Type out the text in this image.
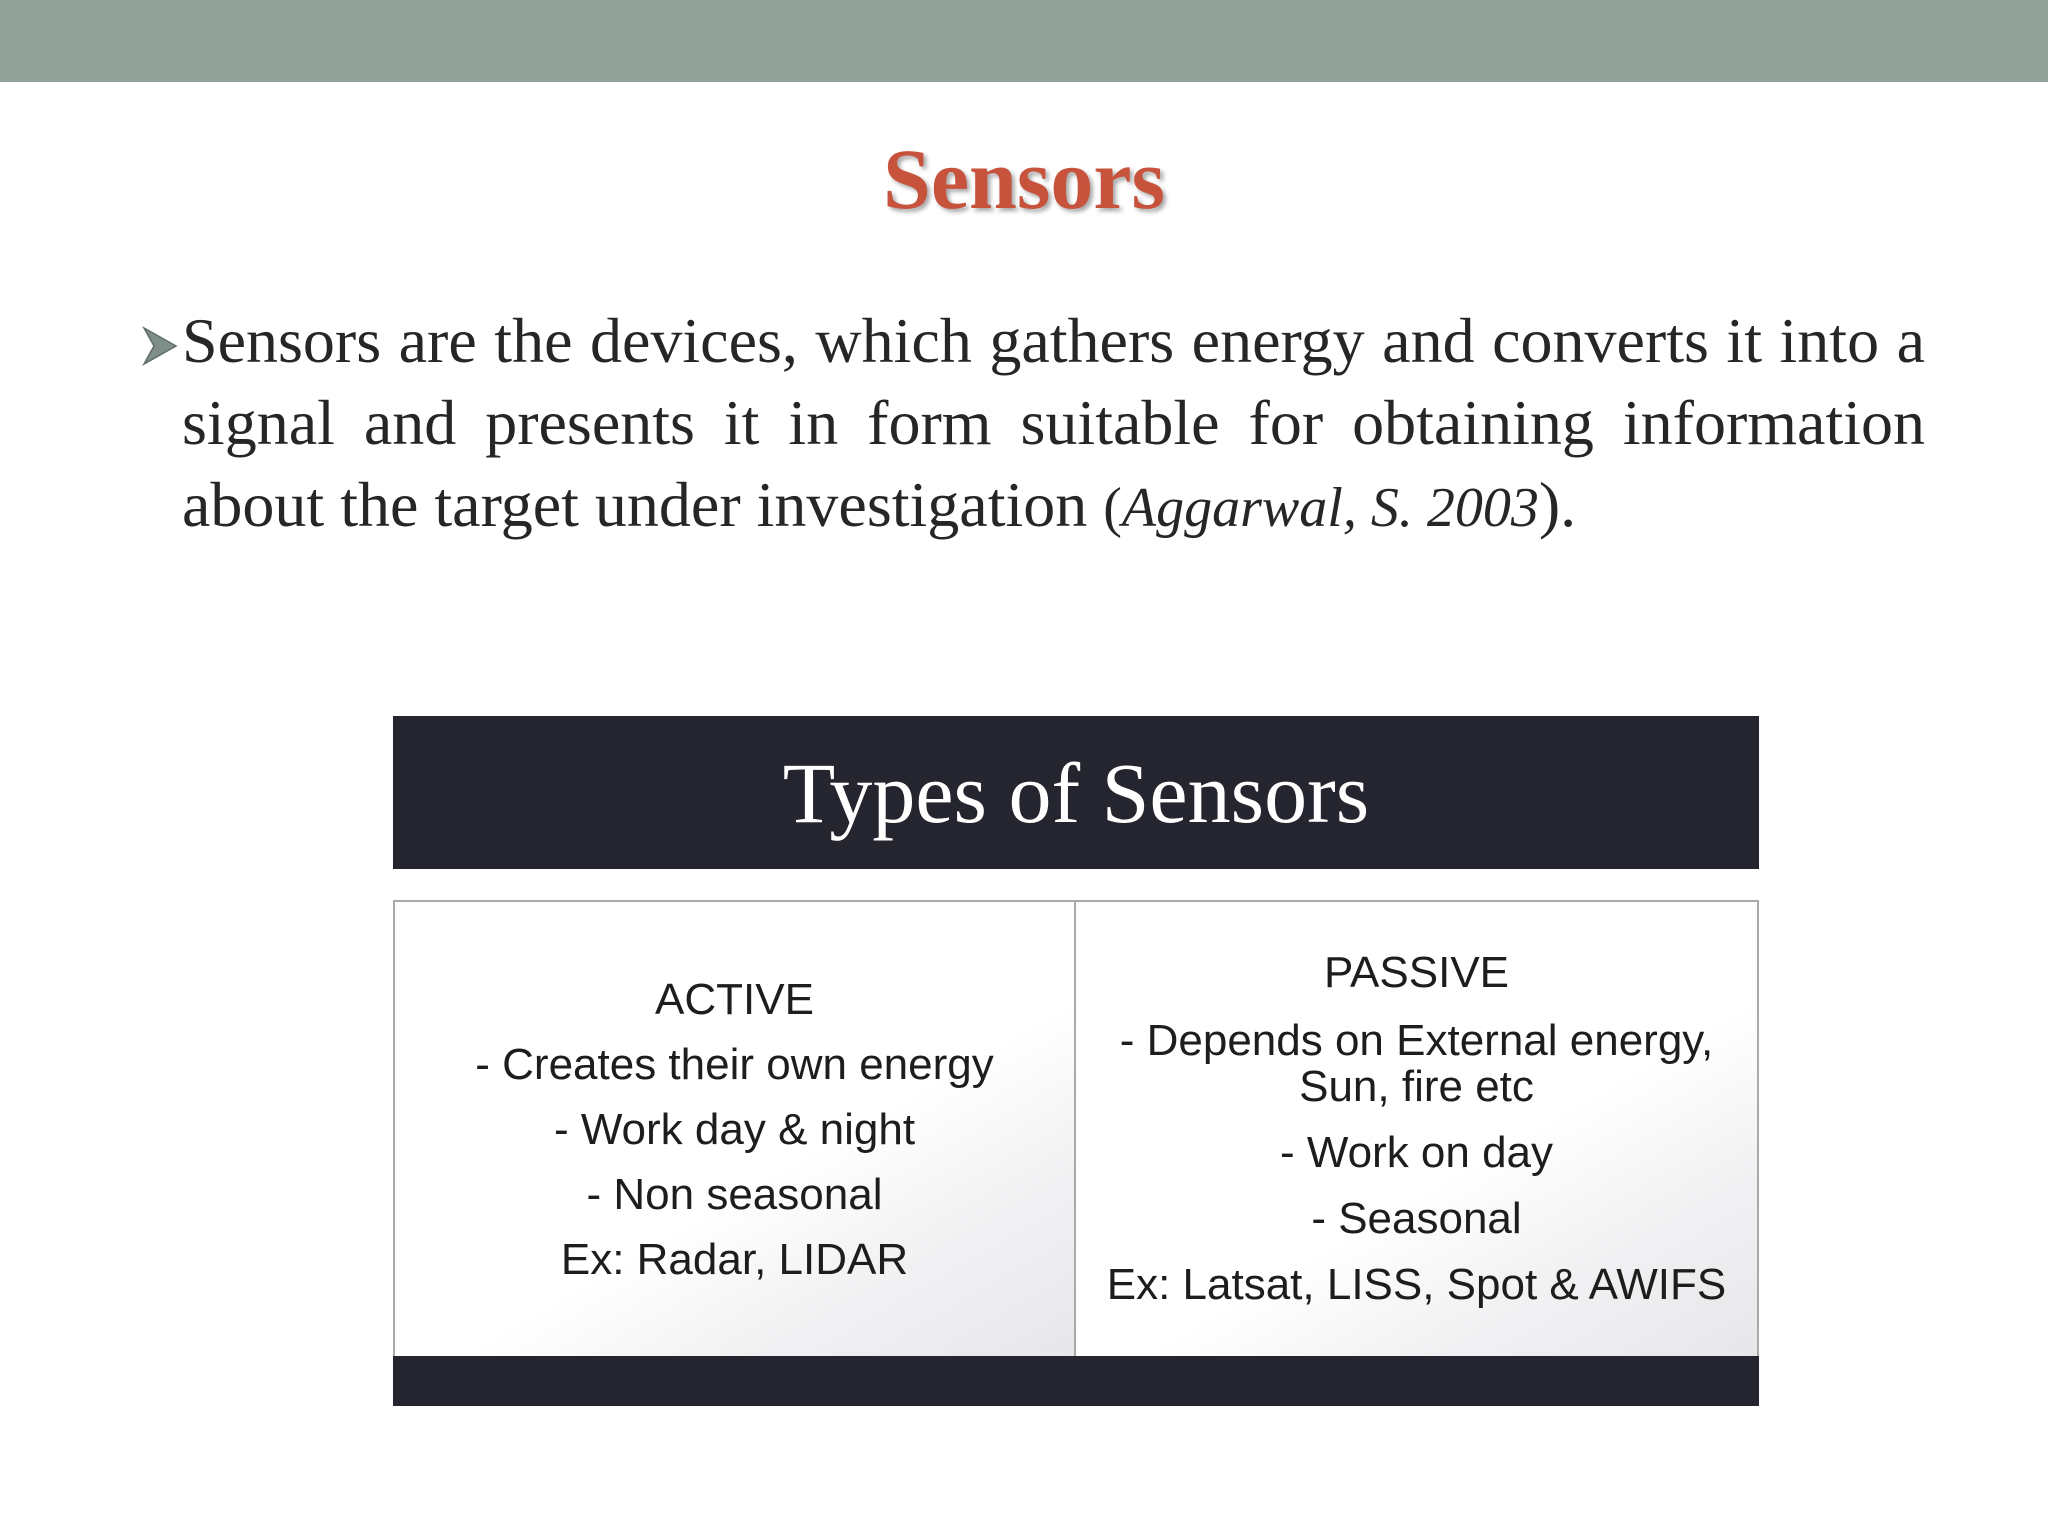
Sensors
Sensors are the devices, which gathers energy and converts it into a signal and presents it in form suitable for obtaining information about the target under investigation (Aggarwal, S. 2003).
Types of Sensors
ACTIVE
- Creates their own energy
- Work day & night
- Non seasonal
Ex: Radar, LIDAR
PASSIVE
- Depends on External energy, Sun, fire etc
- Work on day
- Seasonal
Ex: Latsat, LISS, Spot & AWIFS
